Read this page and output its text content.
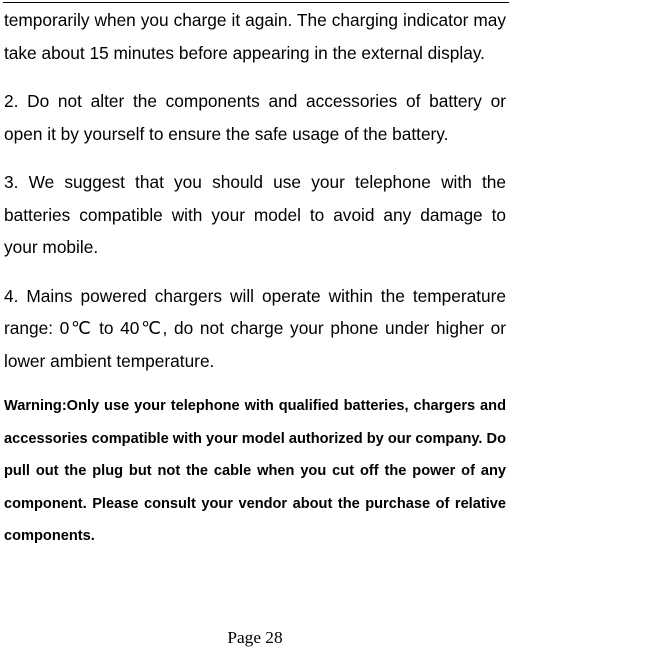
temporarily when you charge it again. The charging indicator may take about 15 minutes before appearing in the external display.

2. Do not alter the components and accessories of battery or open it by yourself to ensure the safe usage of the battery.

3. We suggest that you should use your telephone with the batteries compatible with your model to avoid any damage to your mobile.

4. Mains powered chargers will operate within the temperature range: 0℃ to 40℃, do not charge your phone under higher or lower ambient temperature.

Warning:Only use your telephone with qualified batteries, chargers and accessories compatible with your model authorized by our company. Do pull out the plug but not the cable when you cut off the power of any component. Please consult your vendor about the purchase of relative components.

Page 28
